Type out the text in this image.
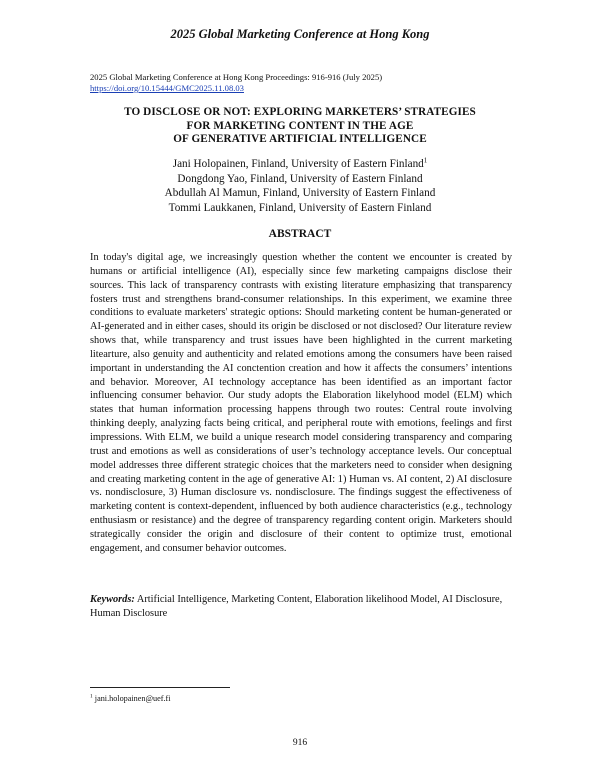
2025 Global Marketing Conference at Hong Kong
2025 Global Marketing Conference at Hong Kong Proceedings: 916-916 (July 2025)
https://doi.org/10.15444/GMC2025.11.08.03
TO DISCLOSE OR NOT: EXPLORING MARKETERS’ STRATEGIES
FOR MARKETING CONTENT IN THE AGE
OF GENERATIVE ARTIFICIAL INTELLIGENCE
Jani Holopainen, Finland, University of Eastern Finland$^1$
Dongdong Yao, Finland, University of Eastern Finland
Abdullah Al Mamun, Finland, University of Eastern Finland
Tommi Laukkanen, Finland, University of Eastern Finland
ABSTRACT
In today's digital age, we increasingly question whether the content we encounter is created by humans or artificial intelligence (AI), especially since few marketing campaigns disclose their sources. This lack of transparency contrasts with existing literature emphasizing that transparency fosters trust and strengthens brand-consumer relationships. In this experiment, we examine three conditions to evaluate marketers' strategic options: Should marketing content be human-generated or AI-generated and in either cases, should its origin be disclosed or not disclosed? Our literature review shows that, while transparency and trust issues have been highlighted in the current marketing litearture, also genuity and authenticity and related emotions among the consumers have been raised important in understanding the AI conctention creation and how it affects the consumers’ intentions and behavior. Moreover, AI technology acceptance has been identified as an important factor influencing consumer behavior. Our study adopts the Elaboration likelyhood model (ELM) which states that human information processing happens through two routes: Central route involving thinking deeply, analyzing facts being critical, and peripheral route with emotions, feelings and first impressions. With ELM, we build a unique research model considering transparency and comparing trust and emotions as well as considerations of user’s technology acceptance levels. Our conceptual model addresses three different strategic choices that the marketers need to consider when designing and creating marketing content in the age of generative AI: 1) Human vs. AI content, 2) AI disclosure vs. nondisclosure, 3) Human disclosure vs. nondisclosure. The findings suggest the effectiveness of marketing content is context-dependent, influenced by both audience characteristics (e.g., technology enthusiasm or resistance) and the degree of transparency regarding content origin. Marketers should strategically consider the origin and disclosure of their content to optimize trust, emotional engagement, and consumer behavior outcomes.
Keywords: Artificial Intelligence, Marketing Content, Elaboration likelihood Model, AI Disclosure, Human Disclosure
$^1$ jani.holopainen@uef.fi
916
